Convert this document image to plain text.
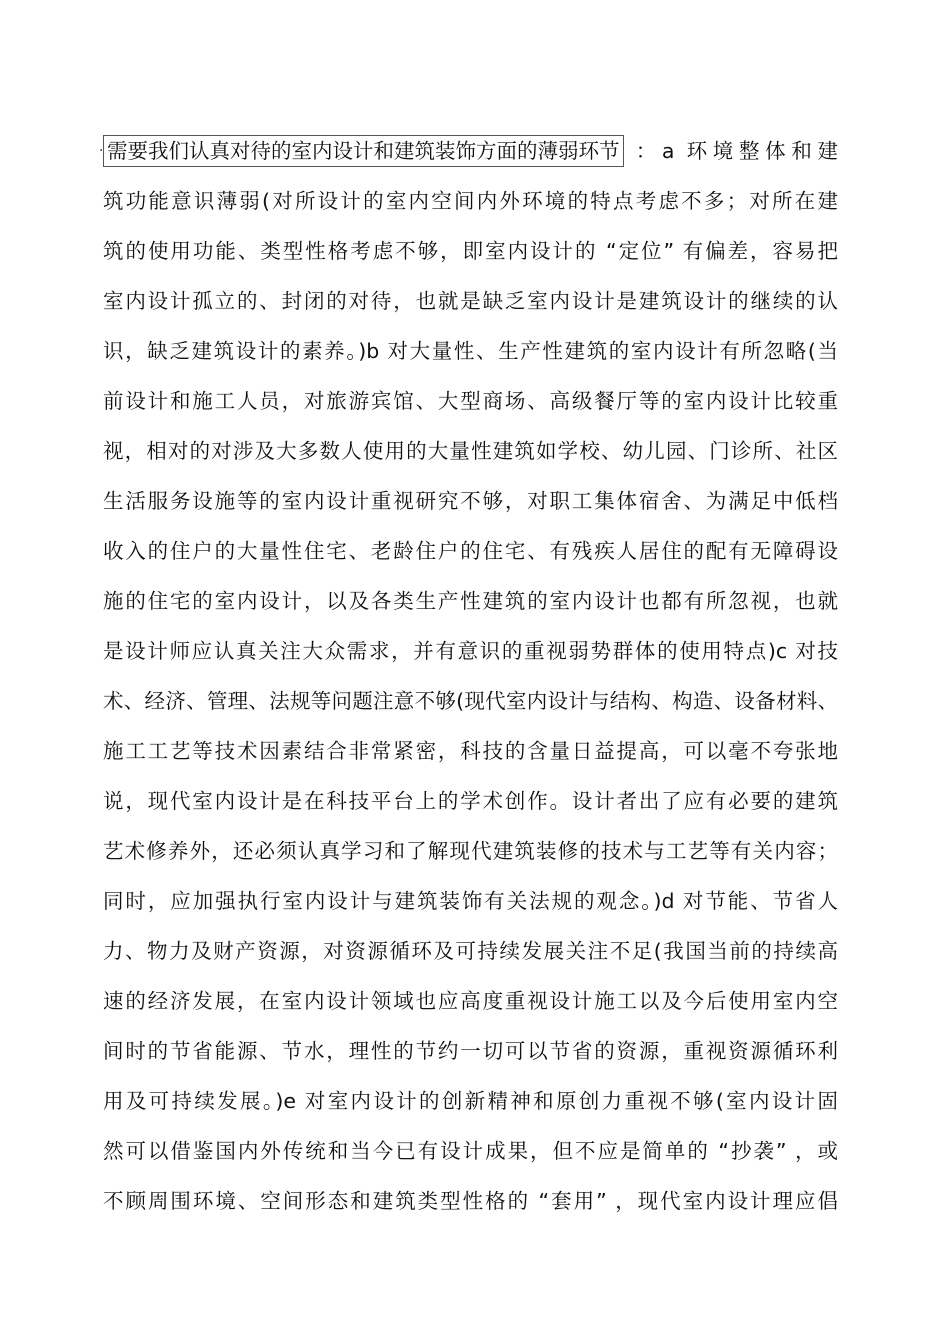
· 需要我们认真对待的室内设计和建筑装饰方面的薄弱环节 ：a 环境整体和建
筑功能意识薄弱(对所设计的室内空间内外环境的特点考虑不多；对所在建
筑的使用功能、类型性格考虑不够，即室内设计的 “定位” 有偏差，容易把
室内设计孤立的、封闭的对待，也就是缺乏室内设计是建筑设计的继续的认
识，缺乏建筑设计的素养。)b 对大量性、生产性建筑的室内设计有所忽略(当
前设计和施工人员，对旅游宾馆、大型商场、高级餐厅等的室内设计比较重
视，相对的对涉及大多数人使用的大量性建筑如学校、幼儿园、门诊所、社区
生活服务设施等的室内设计重视研究不够，对职工集体宿舍、为满足中低档
收入的住户的大量性住宅、老龄住户的住宅、有残疾人居住的配有无障碍设
施的住宅的室内设计，以及各类生产性建筑的室内设计也都有所忽视，也就
是设计师应认真关注大众需求，并有意识的重视弱势群体的使用特点)c 对技
术、经济、管理、法规等问题注意不够(现代室内设计与结构、构造、设备材料、
施工工艺等技术因素结合非常紧密，科技的含量日益提高，可以毫不夸张地
说，现代室内设计是在科技平台上的学术创作。设计者出了应有必要的建筑
艺术修养外，还必须认真学习和了解现代建筑装修的技术与工艺等有关内容；
同时，应加强执行室内设计与建筑装饰有关法规的观念。)d 对节能、节省人
力、物力及财产资源，对资源循环及可持续发展关注不足(我国当前的持续高
速的经济发展，在室内设计领域也应高度重视设计施工以及今后使用室内空
间时的节省能源、节水，理性的节约一切可以节省的资源，重视资源循环利
用及可持续发展。)e 对室内设计的创新精神和原创力重视不够(室内设计固
然可以借鉴国内外传统和当今已有设计成果，但不应是简单的 “抄袭” ，或
不顾周围环境、空间形态和建筑类型性格的 “套用” ，现代室内设计理应倡
